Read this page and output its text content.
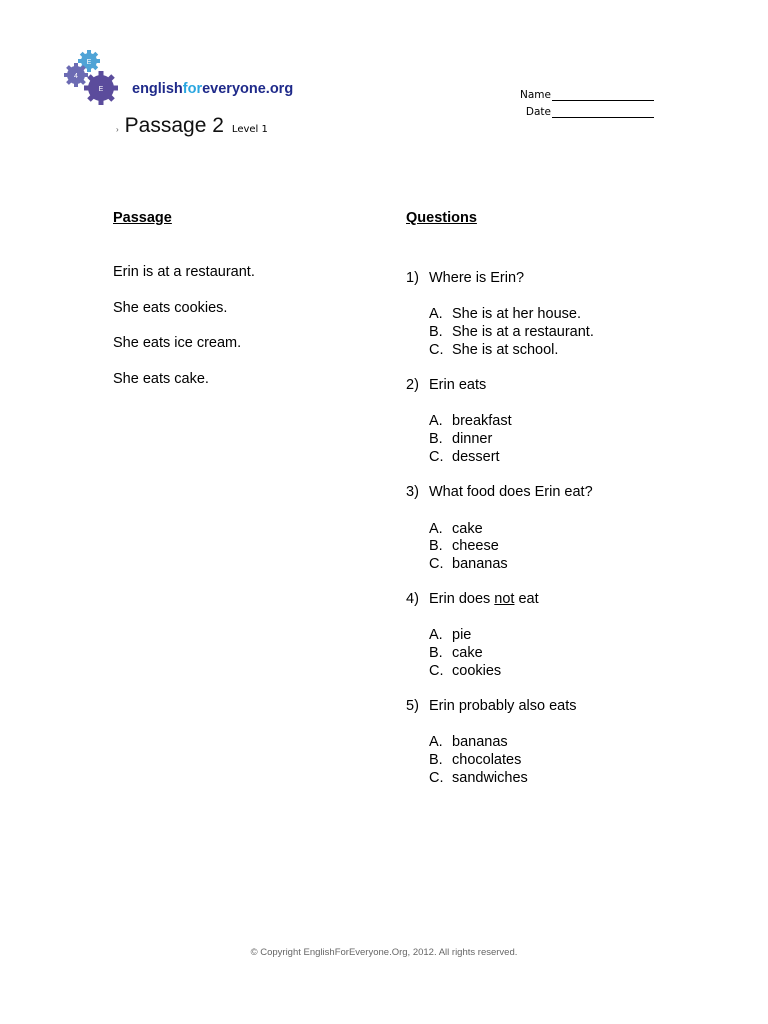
E
4
E englishforeveryone.org	Name
Date
› Passage 2 Level 1
Passage
Erin is at a restaurant.
She eats cookies.
She eats ice cream.
She eats cake.
Questions
1) Where is Erin?
A. She is at her house.
B. She is at a restaurant.
C. She is at school.
2) Erin eats
A. breakfast
B. dinner
C. dessert
3) What food does Erin eat?
A. cake
B. cheese
C. bananas
4) Erin does not eat
A. pie
B. cake
C. cookies
5) Erin probably also eats
A. bananas
B. chocolates
C. sandwiches
© Copyright EnglishForEveryone.Org, 2012. All rights reserved.
